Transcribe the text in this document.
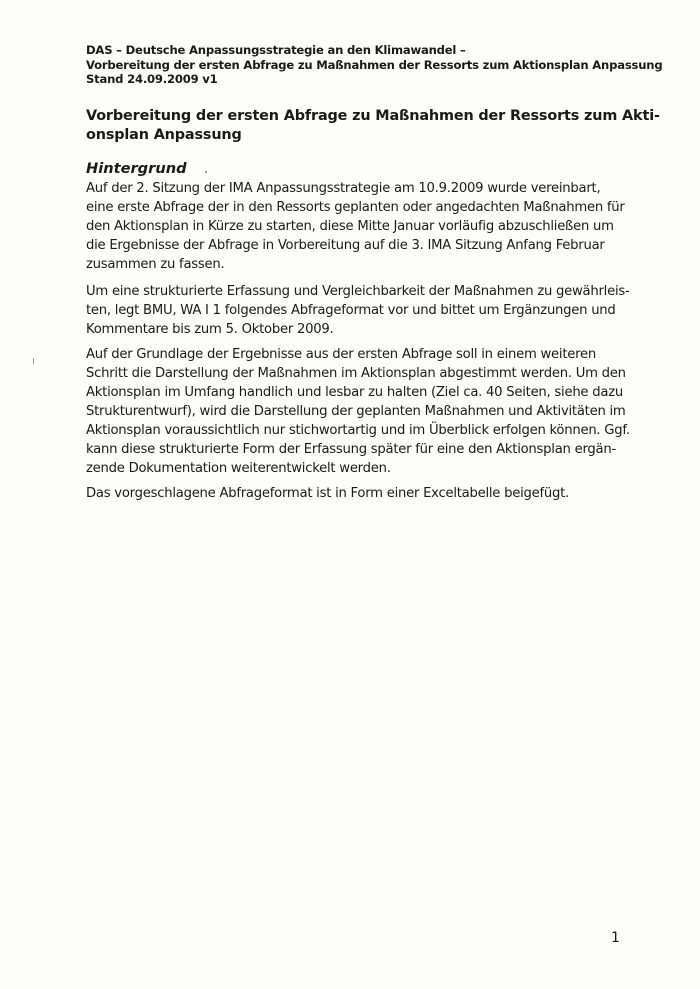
DAS – Deutsche Anpassungsstrategie an den Klimawandel –
Vorbereitung der ersten Abfrage zu Maßnahmen der Ressorts zum Aktionsplan Anpassung
Stand 24.09.2009 v1
Vorbereitung der ersten Abfrage zu Maßnahmen der Ressorts zum Akti-
onsplan Anpassung
Hintergrund
Auf der 2. Sitzung der IMA Anpassungsstrategie am 10.9.2009 wurde vereinbart,
eine erste Abfrage der in den Ressorts geplanten oder angedachten Maßnahmen für
den Aktionsplan in Kürze zu starten, diese Mitte Januar vorläufig abzuschließen um
die Ergebnisse der Abfrage in Vorbereitung auf die 3. IMA Sitzung Anfang Februar
zusammen zu fassen.
Um eine strukturierte Erfassung und Vergleichbarkeit der Maßnahmen zu gewährleis-
ten, legt BMU, WA I 1 folgendes Abfrageformat vor und bittet um Ergänzungen und
Kommentare bis zum 5. Oktober 2009.
Auf der Grundlage der Ergebnisse aus der ersten Abfrage soll in einem weiteren
Schritt die Darstellung der Maßnahmen im Aktionsplan abgestimmt werden. Um den
Aktionsplan im Umfang handlich und lesbar zu halten (Ziel ca. 40 Seiten, siehe dazu
Strukturentwurf), wird die Darstellung der geplanten Maßnahmen und Aktivitäten im
Aktionsplan voraussichtlich nur stichwortartig und im Überblick erfolgen können. Ggf.
kann diese strukturierte Form der Erfassung später für eine den Aktionsplan ergän-
zende Dokumentation weiterentwickelt werden.
Das vorgeschlagene Abfrageformat ist in Form einer Exceltabelle beigefügt.
1
